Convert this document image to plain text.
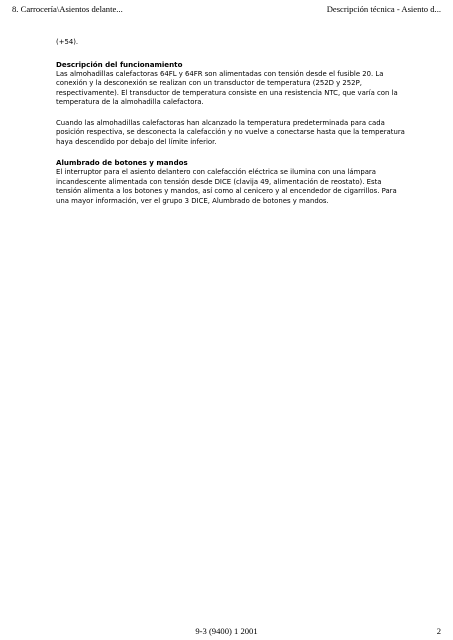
8. Carrocería\Asientos delante...	Descripción técnica - Asiento d...

(+54).

Descripción del funcionamiento

Las almohadillas calefactoras 64FL y 64FR son alimentadas con tensión desde el fusible 20. La conexión y la desconexión se realizan con un transductor de temperatura (252D y 252P, respectivamente). El transductor de temperatura consiste en una resistencia NTC, que varía con la temperatura de la almohadilla calefactora.

Cuando las almohadillas calefactoras han alcanzado la temperatura predeterminada para cada posición respectiva, se desconecta la calefacción y no vuelve a conectarse hasta que la temperatura haya descendido por debajo del límite inferior.

Alumbrado de botones y mandos

El interruptor para el asiento delantero con calefacción eléctrica se ilumina con una lámpara incandescente alimentada con tensión desde DICE (clavija 49, alimentación de reostato). Esta tensión alimenta a los botones y mandos, así como al cenicero y al encendedor de cigarrillos. Para una mayor información, ver el grupo 3 DICE, Alumbrado de botones y mandos.

9-3 (9400) 1 2001	2
